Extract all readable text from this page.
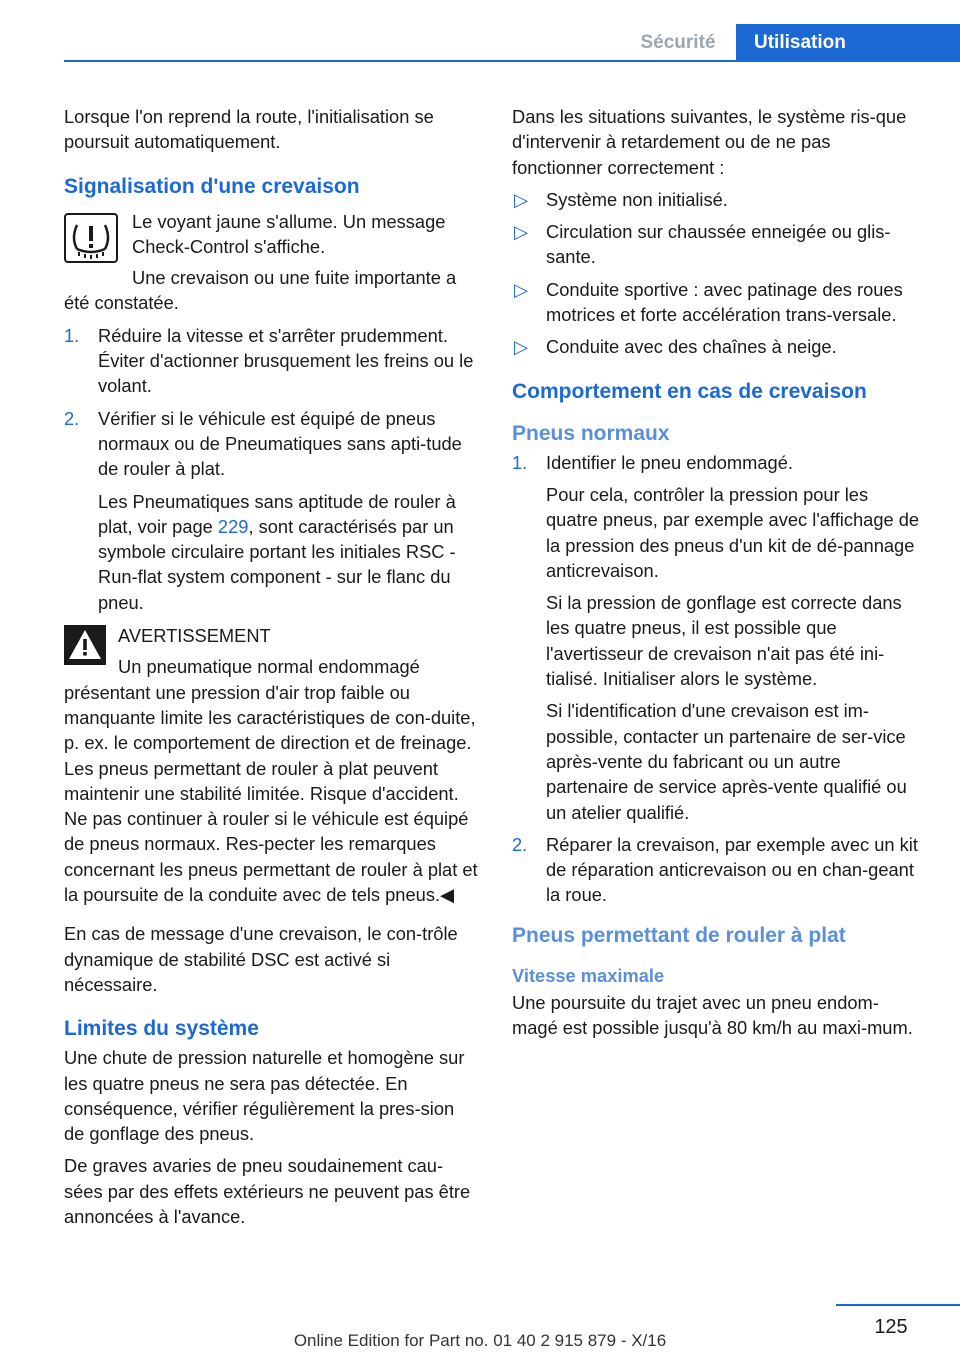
Sécurité	Utilisation

Lorsque l'on reprend la route, l'initialisation se poursuit automatiquement.

Signalisation d'une crevaison

Le voyant jaune s'allume. Un message Check-Control s'affiche.

Une crevaison ou une fuite importante a été constatée.

1. Réduire la vitesse et s'arrêter prudemment. Éviter d'actionner brusquement les freins ou le volant.
2. Vérifier si le véhicule est équipé de pneus normaux ou de Pneumatiques sans apti-tude de rouler à plat.

Les Pneumatiques sans aptitude de rouler à plat, voir page 229, sont caractérisés par un symbole circulaire portant les initiales RSC - Run-flat system component - sur le flanc du pneu.

AVERTISSEMENT

Un pneumatique normal endommagé présentant une pression d'air trop faible ou manquante limite les caractéristiques de con-duite, p. ex. le comportement de direction et de freinage. Les pneus permettant de rouler à plat peuvent maintenir une stabilité limitée. Risque d'accident. Ne pas continuer à rouler si le véhicule est équipé de pneus normaux. Res-pecter les remarques concernant les pneus permettant de rouler à plat et la poursuite de la conduite avec de tels pneus.◀

En cas de message d'une crevaison, le con-trôle dynamique de stabilité DSC est activé si nécessaire.

Limites du système

Une chute de pression naturelle et homogène sur les quatre pneus ne sera pas détectée. En conséquence, vérifier régulièrement la pres-sion de gonflage des pneus.

De graves avaries de pneu soudainement cau-sées par des effets extérieurs ne peuvent pas être annoncées à l'avance.

Dans les situations suivantes, le système ris-que d'intervenir à retardement ou de ne pas fonctionner correctement :

▷ Système non initialisé.
▷ Circulation sur chaussée enneigée ou glis-sante.
▷ Conduite sportive : avec patinage des roues motrices et forte accélération trans-versale.
▷ Conduite avec des chaînes à neige.
Comportement en cas de crevaison
Pneus normaux
1. Identifier le pneu endommagé.

Pour cela, contrôler la pression pour les quatre pneus, par exemple avec l'affichage de la pression des pneus d'un kit de dé-pannage anticrevaison.

Si la pression de gonflage est correcte dans les quatre pneus, il est possible que l'avertisseur de crevaison n'ait pas été ini-tialisé. Initialiser alors le système.

Si l'identification d'une crevaison est im-possible, contacter un partenaire de ser-vice après-vente du fabricant ou un autre partenaire de service après-vente qualifié ou un atelier qualifié.

2. Réparer la crevaison, par exemple avec un kit de réparation anticrevaison ou en chan-geant la roue.
Pneus permettant de rouler à plat
Vitesse maximale

Une poursuite du trajet avec un pneu endom-magé est possible jusqu'à 80 km/h au maxi-mum.

125
Online Edition for Part no. 01 40 2 915 879 - X/16
